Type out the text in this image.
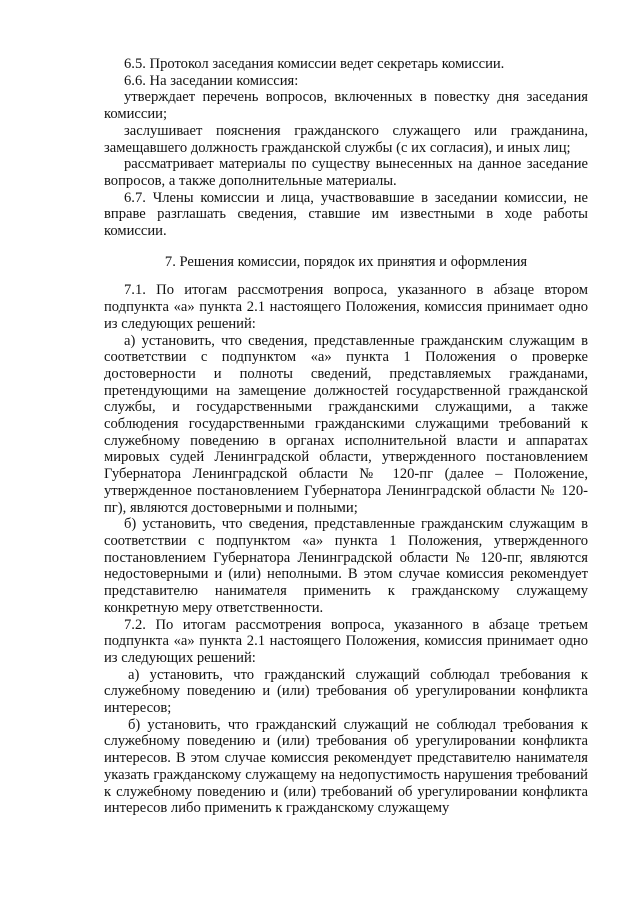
6.5. Протокол заседания комиссии ведет секретарь комиссии.

6.6. На заседании комиссия:

утверждает перечень вопросов, включенных в повестку дня заседания комиссии;

заслушивает пояснения гражданского служащего или гражданина, замещавшего должность гражданской службы (с их согласия), и иных лиц;

рассматривает материалы по существу вынесенных на данное заседание вопросов, а также дополнительные материалы.

6.7. Члены комиссии и лица, участвовавшие в заседании комиссии, не вправе разглашать сведения, ставшие им известными в ходе работы комиссии.

7. Решения комиссии, порядок их принятия и оформления

7.1. По итогам рассмотрения вопроса, указанного в абзаце втором подпункта «а» пункта 2.1 настоящего Положения, комиссия принимает одно из следующих решений:

а) установить, что сведения, представленные гражданским служащим в соответствии с подпунктом «а» пункта 1 Положения о проверке достоверности и полноты сведений, представляемых гражданами, претендующими на замещение должностей государственной гражданской службы, и государственными гражданскими служащими, а также соблюдения государственными гражданскими служащими требований к служебному поведению в органах исполнительной власти и аппаратах мировых судей Ленинградской области, утвержденного постановлением Губернатора Ленинградской области № 120-пг (далее – Положение, утвержденное постановлением Губернатора Ленинградской области № 120-пг), являются достоверными и полными;

б) установить, что сведения, представленные гражданским служащим в соответствии с подпунктом «а» пункта 1 Положения, утвержденного постановлением Губернатора Ленинградской области № 120-пг, являются недостоверными и (или) неполными. В этом случае комиссия рекомендует представителю нанимателя применить к гражданскому служащему конкретную меру ответственности.

7.2. По итогам рассмотрения вопроса, указанного в абзаце третьем подпункта «а» пункта 2.1 настоящего Положения, комиссия принимает одно из следующих решений:

а) установить, что гражданский служащий соблюдал требования к служебному поведению и (или) требования об урегулировании конфликта интересов;

б) установить, что гражданский служащий не соблюдал требования к служебному поведению и (или) требования об урегулировании конфликта интересов. В этом случае комиссия рекомендует представителю нанимателя указать гражданскому служащему на недопустимость нарушения требований к служебному поведению и (или) требований об урегулировании конфликта интересов либо применить к гражданскому служащему
